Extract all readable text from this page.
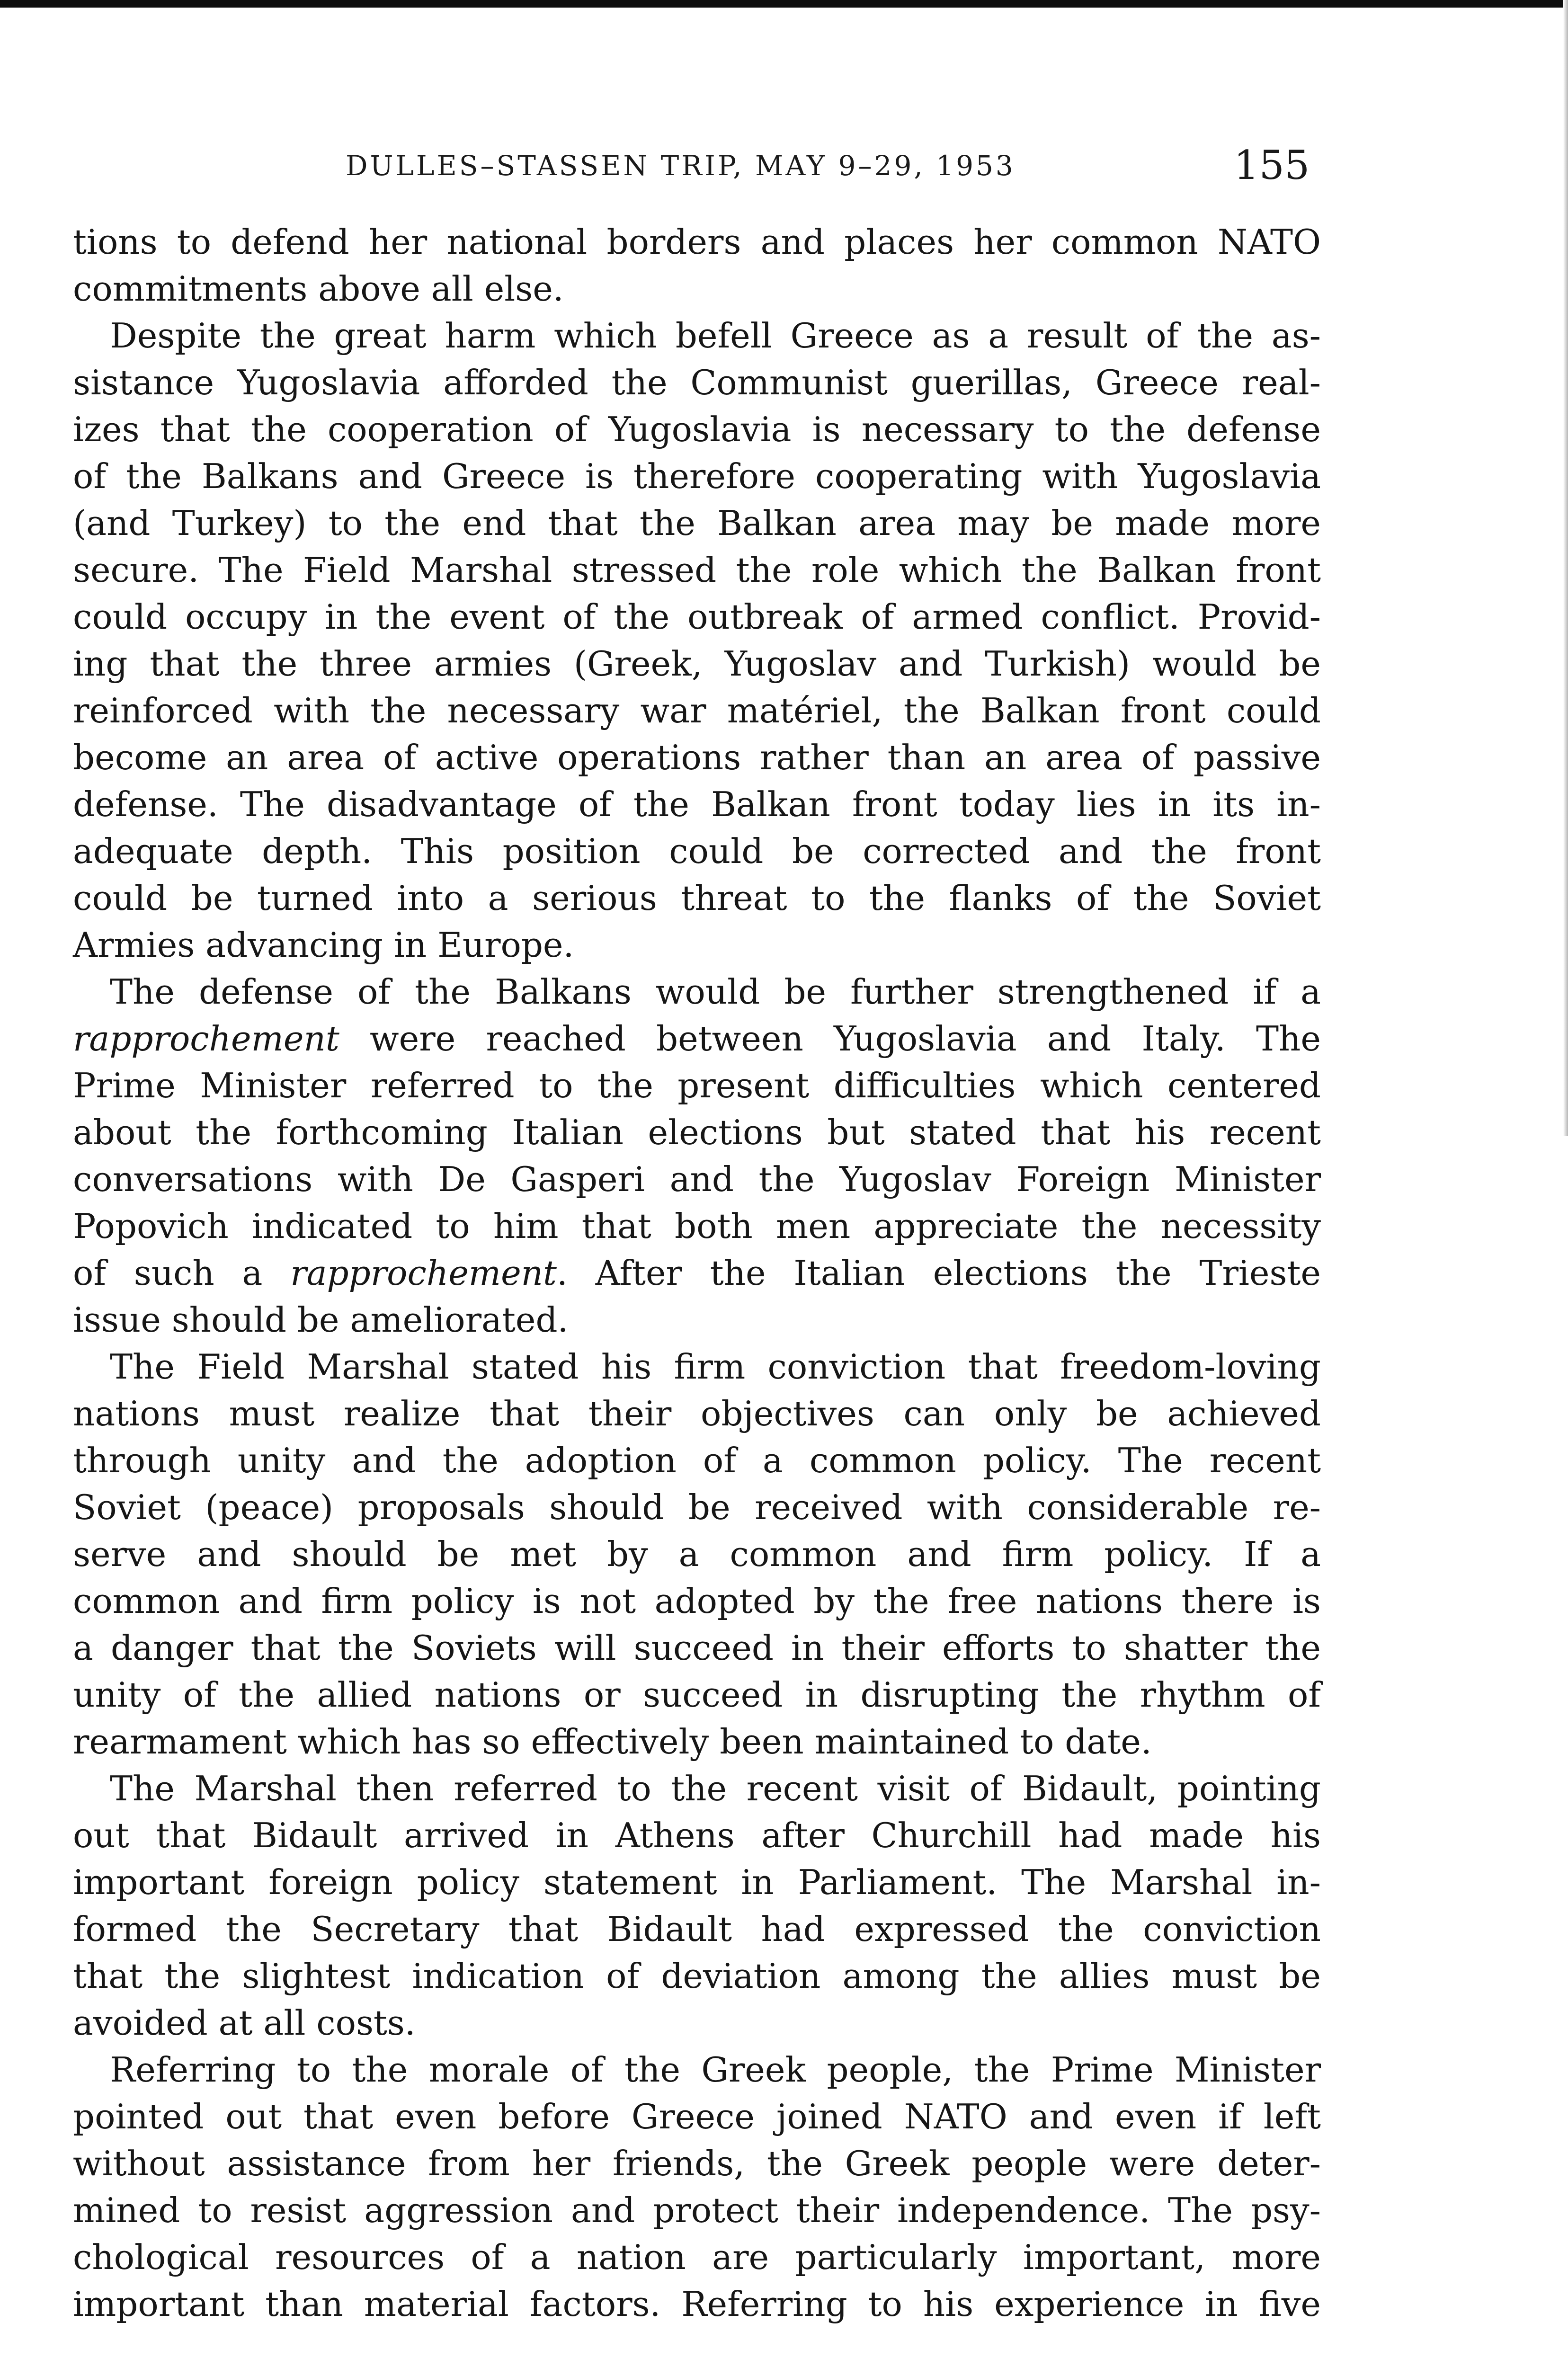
DULLES–STASSEN TRIP, MAY 9–29, 1953	155
tions to defend her national borders and places her common NATO
commitments above all else.
Despite the great harm which befell Greece as a result of the as-
sistance Yugoslavia afforded the Communist guerillas, Greece real-
izes that the cooperation of Yugoslavia is necessary to the defense
of the Balkans and Greece is therefore cooperating with Yugoslavia
(and Turkey) to the end that the Balkan area may be made more
secure. The Field Marshal stressed the role which the Balkan front
could occupy in the event of the outbreak of armed conflict. Provid-
ing that the three armies (Greek, Yugoslav and Turkish) would be
reinforced with the necessary war matériel, the Balkan front could
become an area of active operations rather than an area of passive
defense. The disadvantage of the Balkan front today lies in its in-
adequate depth. This position could be corrected and the front
could be turned into a serious threat to the flanks of the Soviet
Armies advancing in Europe.
The defense of the Balkans would be further strengthened if a
rapprochement were reached between Yugoslavia and Italy. The
Prime Minister referred to the present difficulties which centered
about the forthcoming Italian elections but stated that his recent
conversations with De Gasperi and the Yugoslav Foreign Minister
Popovich indicated to him that both men appreciate the necessity
of such a rapprochement. After the Italian elections the Trieste
issue should be ameliorated.
The Field Marshal stated his firm conviction that freedom-loving
nations must realize that their objectives can only be achieved
through unity and the adoption of a common policy. The recent
Soviet (peace) proposals should be received with considerable re-
serve and should be met by a common and firm policy. If a
common and firm policy is not adopted by the free nations there is
a danger that the Soviets will succeed in their efforts to shatter the
unity of the allied nations or succeed in disrupting the rhythm of
rearmament which has so effectively been maintained to date.
The Marshal then referred to the recent visit of Bidault, pointing
out that Bidault arrived in Athens after Churchill had made his
important foreign policy statement in Parliament. The Marshal in-
formed the Secretary that Bidault had expressed the conviction
that the slightest indication of deviation among the allies must be
avoided at all costs.
Referring to the morale of the Greek people, the Prime Minister
pointed out that even before Greece joined NATO and even if left
without assistance from her friends, the Greek people were deter-
mined to resist aggression and protect their independence. The psy-
chological resources of a nation are particularly important, more
important than material factors. Referring to his experience in five
